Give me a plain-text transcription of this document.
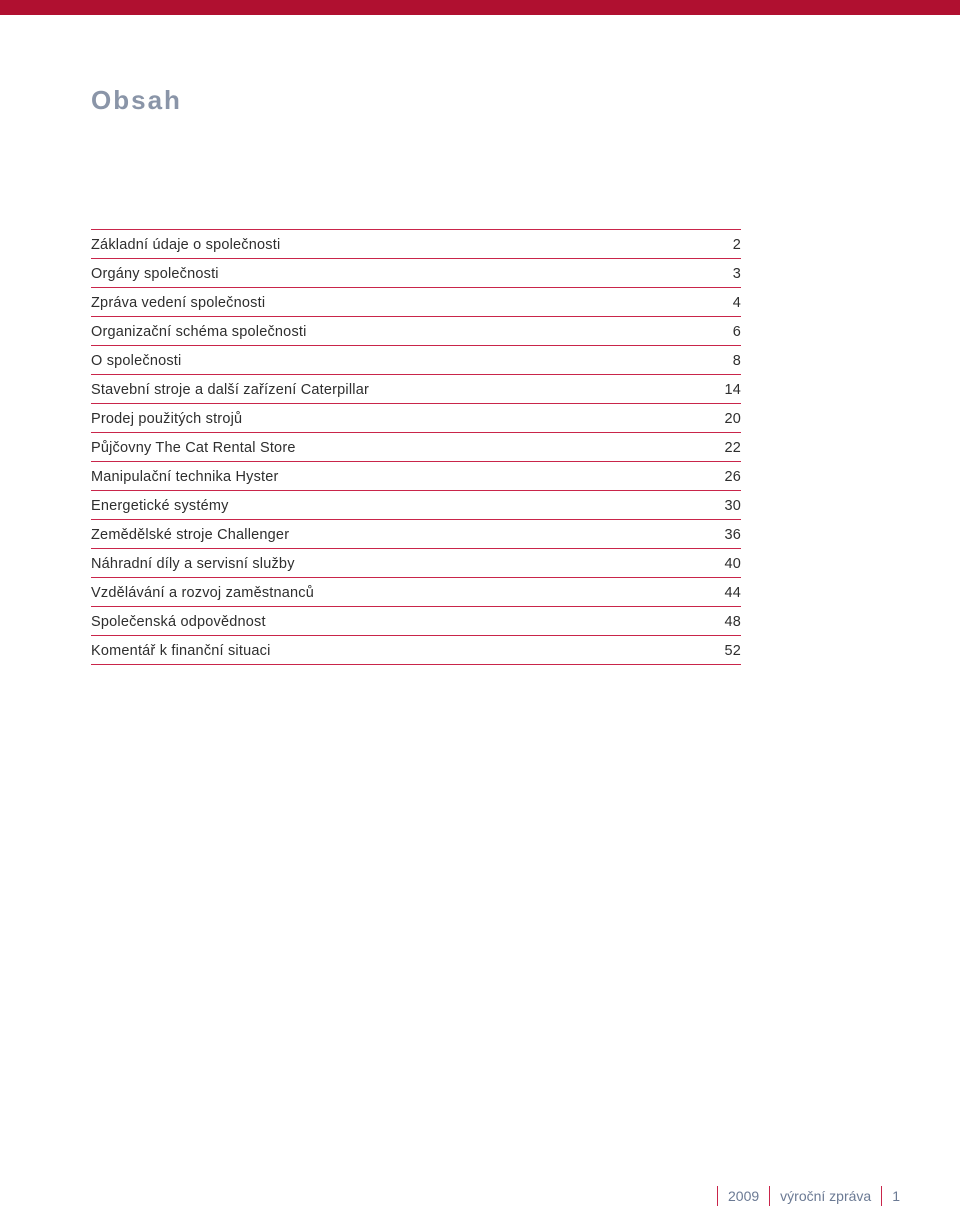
Obsah
Základní údaje o společnosti	2
Orgány společnosti	3
Zpráva vedení společnosti	4
Organizační schéma společnosti	6
O společnosti	8
Stavební stroje a další zařízení Caterpillar	14
Prodej použitých strojů	20
Půjčovny The Cat Rental Store	22
Manipulační technika Hyster	26
Energetické systémy	30
Zemědělské stroje Challenger	36
Náhradní díly a servisní služby	40
Vzdělávání a rozvoj zaměstnanců	44
Společenská odpovědnost	48
Komentář k finanční situaci	52
2009 výroční zpráva 1
